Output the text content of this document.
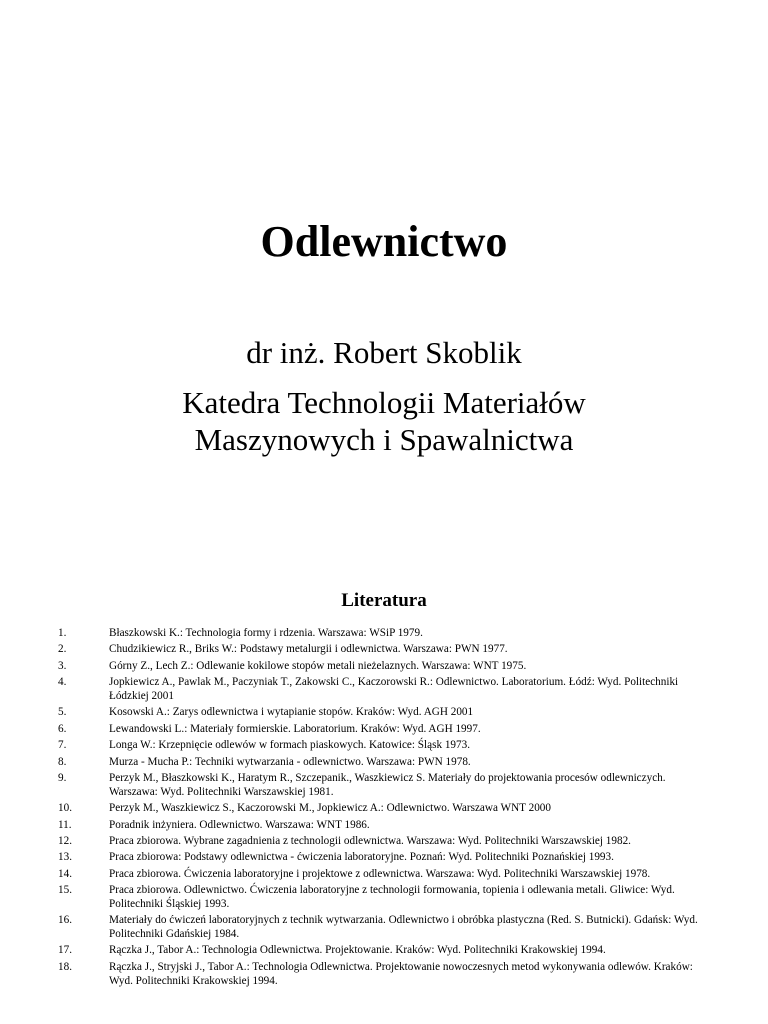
Odlewnictwo

dr inż. Robert Skoblik

Katedra Technologii Materiałów
Maszynowych i Spawalnictwa

Literatura
1.	Błaszkowski K.: Technologia formy i rdzenia. Warszawa: WSiP 1979.
2.	Chudzikiewicz R., Briks W.: Podstawy metalurgii i odlewnictwa. Warszawa: PWN 1977.
3.	Górny Z., Lech Z.: Odlewanie kokilowe stopów metali nieżelaznych. Warszawa: WNT 1975.
4.	Jopkiewicz A., Pawlak M., Paczyniak T., Zakowski C., Kaczorowski R.: Odlewnictwo. Laboratorium. Łódź: Wyd. Politechniki Łódzkiej 2001
5.	Kosowski A.: Zarys odlewnictwa i wytapianie stopów. Kraków: Wyd. AGH 2001
6.	Lewandowski L.: Materiały formierskie. Laboratorium. Kraków: Wyd. AGH 1997.
7.	Longa W.: Krzepnięcie odlewów w formach piaskowych. Katowice: Śląsk 1973.
8.	Murza - Mucha P.: Techniki wytwarzania - odlewnictwo. Warszawa: PWN 1978.
9.	Perzyk M., Błaszkowski K., Haratym R., Szczepanik., Waszkiewicz S. Materiały do projektowania procesów odlewniczych. Warszawa: Wyd. Politechniki Warszawskiej 1981.
10.	Perzyk M., Waszkiewicz S., Kaczorowski M., Jopkiewicz A.: Odlewnictwo. Warszawa WNT 2000
11.	Poradnik inżyniera. Odlewnictwo. Warszawa: WNT 1986.
12.	Praca zbiorowa. Wybrane zagadnienia z technologii odlewnictwa. Warszawa: Wyd. Politechniki Warszawskiej 1982.
13.	Praca zbiorowa: Podstawy odlewnictwa - ćwiczenia laboratoryjne. Poznań: Wyd. Politechniki Poznańskiej 1993.
14.	Praca zbiorowa. Ćwiczenia laboratoryjne i projektowe z odlewnictwa. Warszawa: Wyd. Politechniki Warszawskiej 1978.
15.	Praca zbiorowa. Odlewnictwo. Ćwiczenia laboratoryjne z technologii formowania, topienia i odlewania metali. Gliwice: Wyd. Politechniki Śląskiej 1993.
16.	Materiały do ćwiczeń laboratoryjnych z technik wytwarzania. Odlewnictwo i obróbka plastyczna (Red. S. Butnicki). Gdańsk: Wyd. Politechniki Gdańskiej 1984.
17.	Rączka J., Tabor A.: Technologia Odlewnictwa. Projektowanie. Kraków: Wyd. Politechniki Krakowskiej 1994.
18.	Rączka J., Stryjski J., Tabor A.: Technologia Odlewnictwa. Projektowanie nowoczesnych metod wykonywania odlewów. Kraków: Wyd. Politechniki Krakowskiej 1994.
